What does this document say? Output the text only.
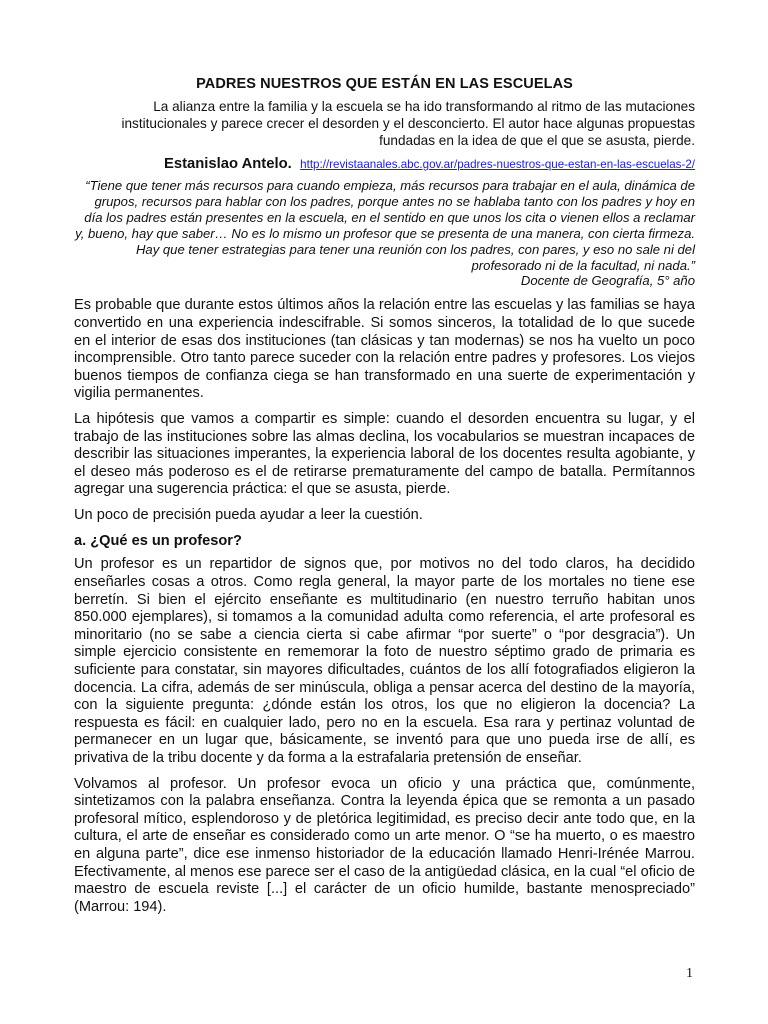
PADRES NUESTROS QUE ESTÁN EN LAS ESCUELAS

La alianza entre la familia y la escuela se ha ido transformando al ritmo de las mutaciones institucionales y parece crecer el desorden y el desconcierto. El autor hace algunas propuestas fundadas en la idea de que el que se asusta, pierde.

Estanislao Antelo. http://revistaanales.abc.gov.ar/padres-nuestros-que-estan-en-las-escuelas-2/

“Tiene que tener más recursos para cuando empieza, más recursos para trabajar en el aula, dinámica de grupos, recursos para hablar con los padres, porque antes no se hablaba tanto con los padres y hoy en día los padres están presentes en la escuela, en el sentido en que unos los cita o vienen ellos a reclamar y, bueno, hay que saber… No es lo mismo un profesor que se presenta de una manera, con cierta firmeza. Hay que tener estrategias para tener una reunión con los padres, con pares, y eso no sale ni del profesorado ni de la facultad, ni nada.”
Docente de Geografía, 5° año

Es probable que durante estos últimos años la relación entre las escuelas y las familias se haya convertido en una experiencia indescifrable. Si somos sinceros, la totalidad de lo que sucede en el interior de esas dos instituciones (tan clásicas y tan modernas) se nos ha vuelto un poco incomprensible. Otro tanto parece suceder con la relación entre padres y profesores. Los viejos buenos tiempos de confianza ciega se han transformado en una suerte de experimentación y vigilia permanentes.

La hipótesis que vamos a compartir es simple: cuando el desorden encuentra su lugar, y el trabajo de las instituciones sobre las almas declina, los vocabularios se muestran incapaces de describir las situaciones imperantes, la experiencia laboral de los docentes resulta agobiante, y el deseo más poderoso es el de retirarse prematuramente del campo de batalla. Permítannos agregar una sugerencia práctica: el que se asusta, pierde.

Un poco de precisión pueda ayudar a leer la cuestión.

a. ¿Qué es un profesor?

Un profesor es un repartidor de signos que, por motivos no del todo claros, ha decidido enseñarles cosas a otros. Como regla general, la mayor parte de los mortales no tiene ese berretín. Si bien el ejército enseñante es multitudinario (en nuestro terruño habitan unos 850.000 ejemplares), si tomamos a la comunidad adulta como referencia, el arte profesoral es minoritario (no se sabe a ciencia cierta si cabe afirmar “por suerte” o “por desgracia”). Un simple ejercicio consistente en rememorar la foto de nuestro séptimo grado de primaria es suficiente para constatar, sin mayores dificultades, cuántos de los allí fotografiados eligieron la docencia. La cifra, además de ser minúscula, obliga a pensar acerca del destino de la mayoría, con la siguiente pregunta: ¿dónde están los otros, los que no eligieron la docencia? La respuesta es fácil: en cualquier lado, pero no en la escuela. Esa rara y pertinaz voluntad de permanecer en un lugar que, básicamente, se inventó para que uno pueda irse de allí, es privativa de la tribu docente y da forma a la estrafalaria pretensión de enseñar.

Volvamos al profesor. Un profesor evoca un oficio y una práctica que, comúnmente, sintetizamos con la palabra enseñanza. Contra la leyenda épica que se remonta a un pasado profesoral mítico, esplendoroso y de pletórica legitimidad, es preciso decir ante todo que, en la cultura, el arte de enseñar es considerado como un arte menor. O “se ha muerto, o es maestro en alguna parte”, dice ese inmenso historiador de la educación llamado Henri-Irénée Marrou. Efectivamente, al menos ese parece ser el caso de la antigüedad clásica, en la cual “el oficio de maestro de escuela reviste [...] el carácter de un oficio humilde, bastante menospreciado” (Marrou: 194).

1
